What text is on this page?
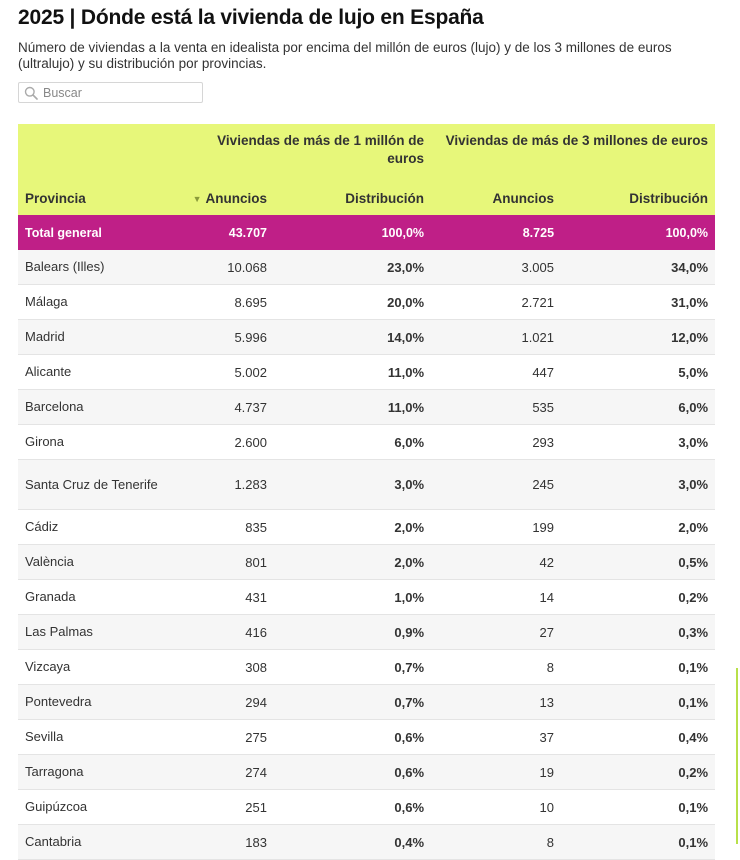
2025 | Dónde está la vivienda de lujo en España
Número de viviendas a la venta en idealista por encima del millón de euros (lujo) y de los 3 millones de euros (ultralujo) y su distribución por provincias.
Buscar
	Viviendas de más de 1 millón de euros		Viviendas de más de 3 millones de euros	
Provincia	▼ Anuncios	Distribución	Anuncios	Distribución
Total general	43.707	100,0%	8.725	100,0%
Balears (Illes)	10.068	23,0%	3.005	34,0%
Málaga	8.695	20,0%	2.721	31,0%
Madrid	5.996	14,0%	1.021	12,0%
Alicante	5.002	11,0%	447	5,0%
Barcelona	4.737	11,0%	535	6,0%
Girona	2.600	6,0%	293	3,0%
Santa Cruz de Tenerife	1.283	3,0%	245	3,0%
Cádiz	835	2,0%	199	2,0%
València	801	2,0%	42	0,5%
Granada	431	1,0%	14	0,2%
Las Palmas	416	0,9%	27	0,3%
Vizcaya	308	0,7%	8	0,1%
Pontevedra	294	0,7%	13	0,1%
Sevilla	275	0,6%	37	0,4%
Tarragona	274	0,6%	19	0,2%
Guipúzcoa	251	0,6%	10	0,1%
Cantabria	183	0,4%	8	0,1%
